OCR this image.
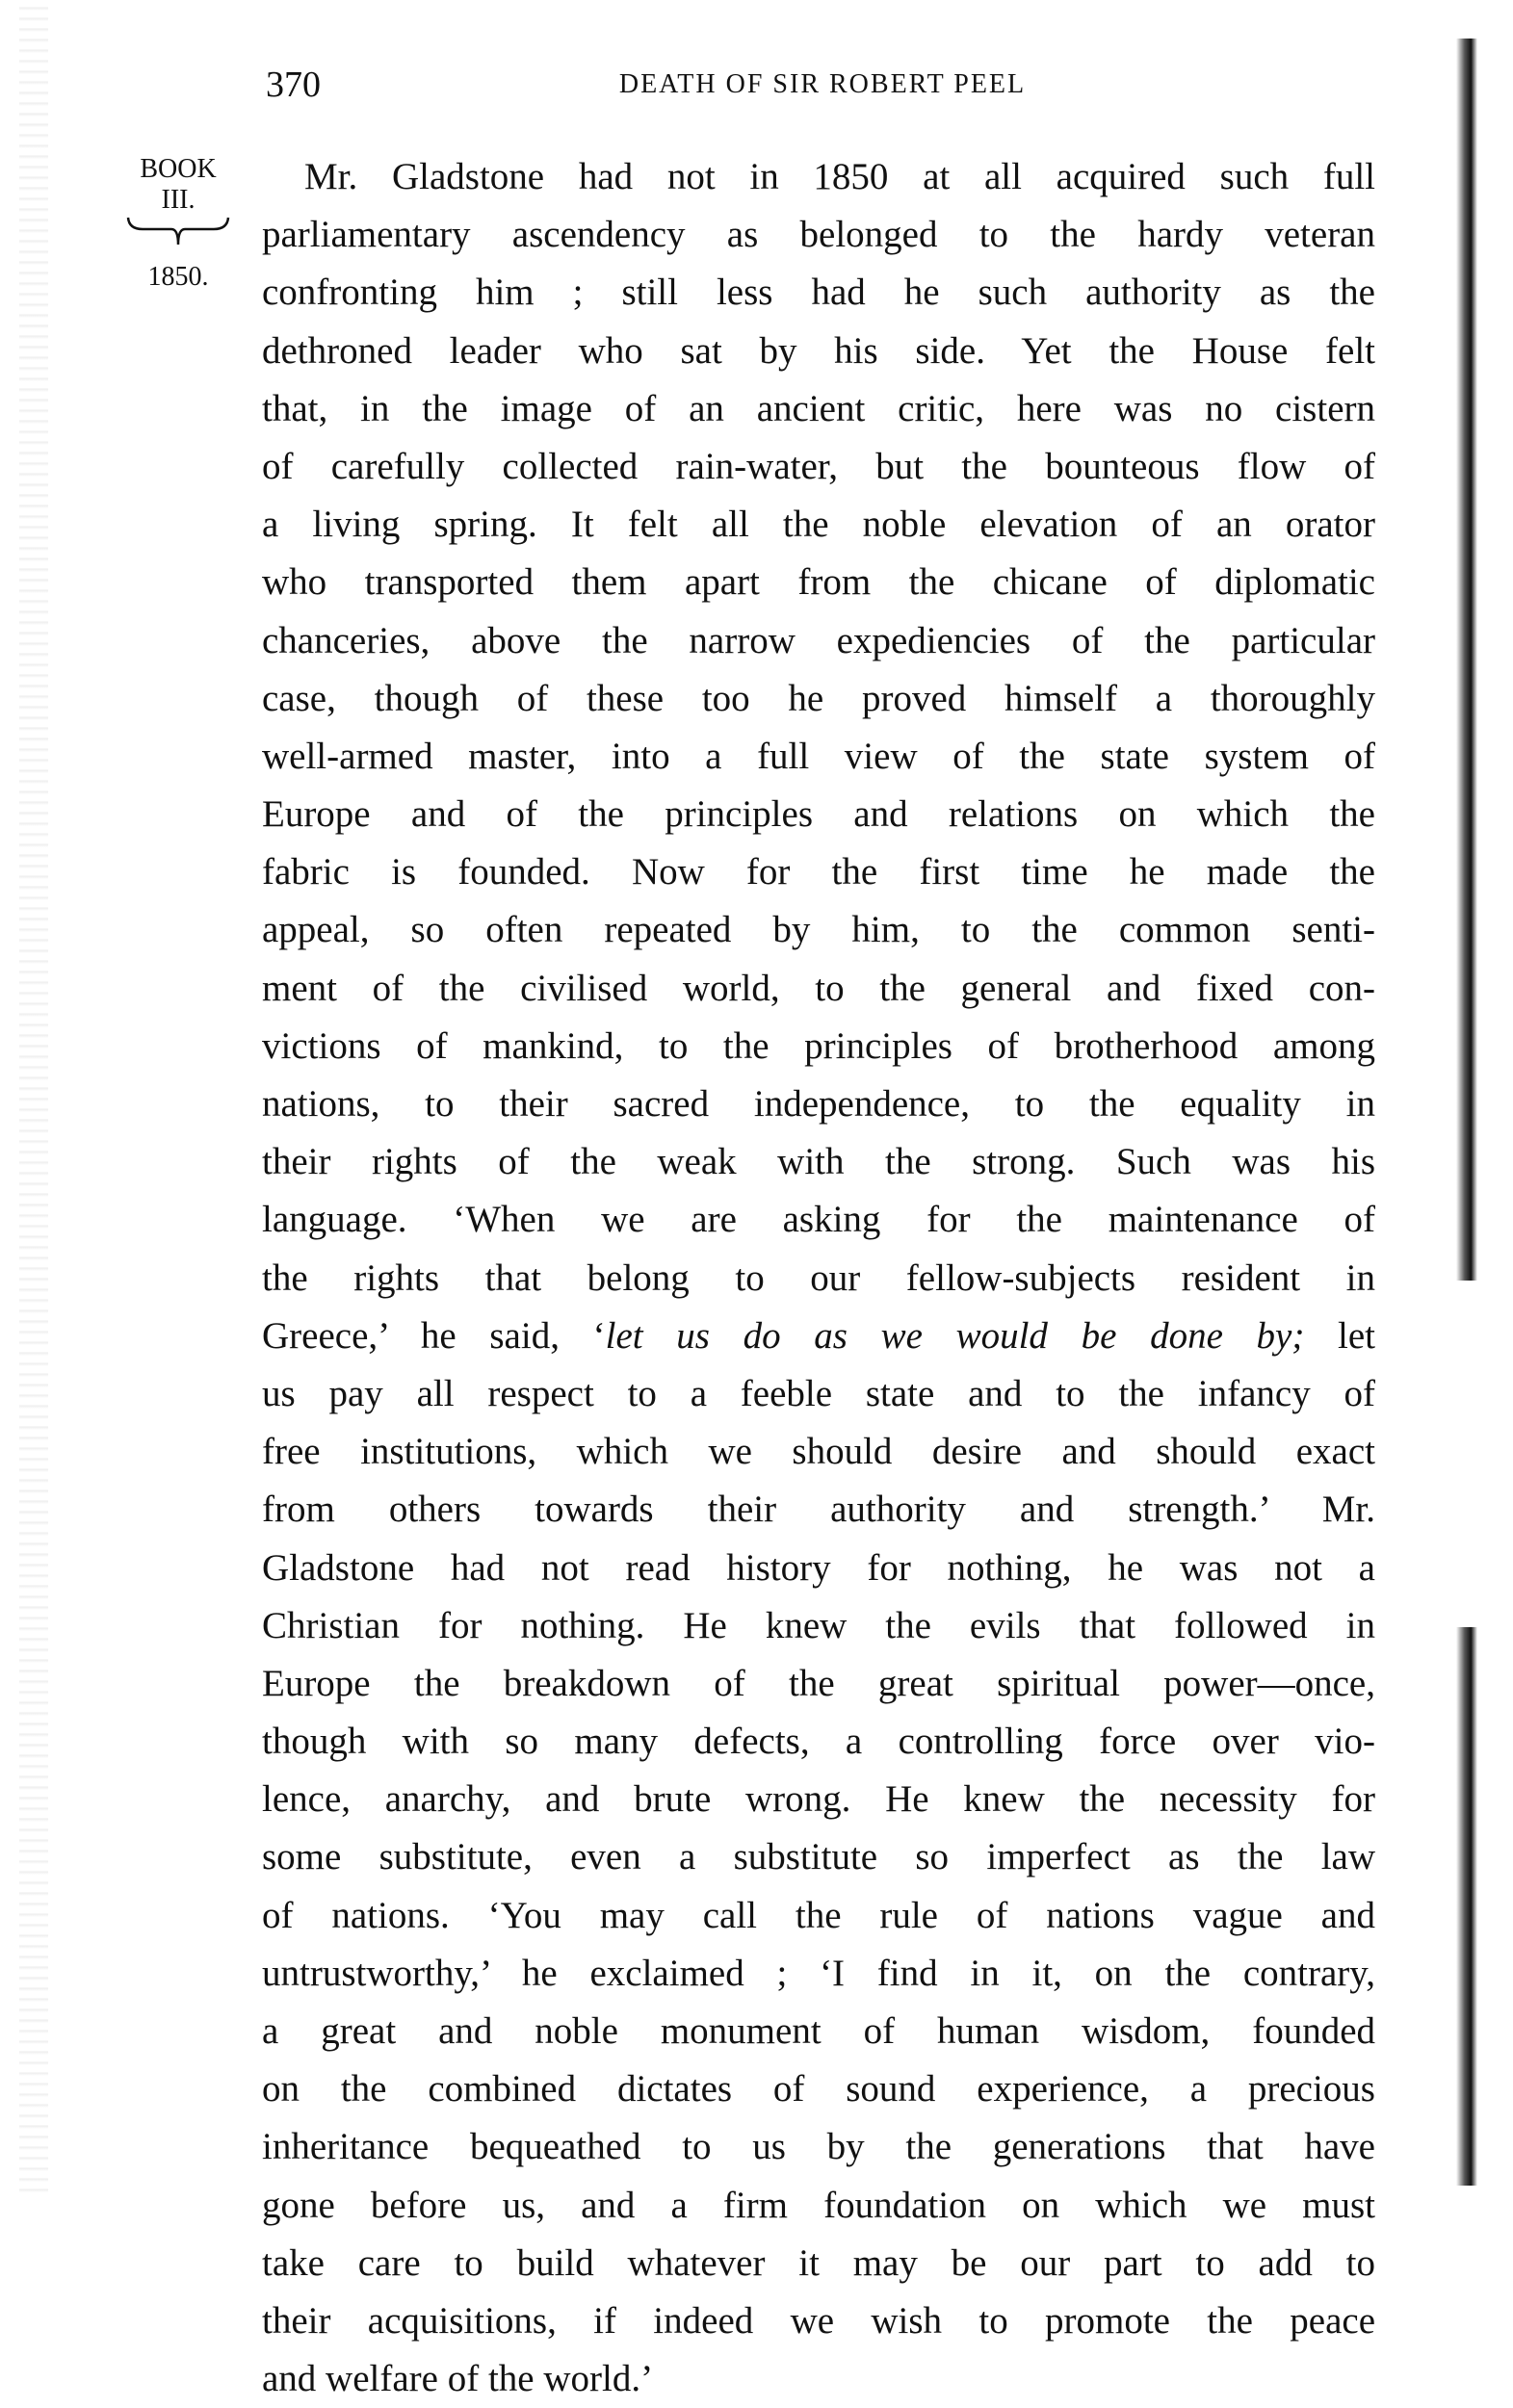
370	DEATH OF SIR ROBERT PEEL
BOOK
III.
1850.
Mr. Gladstone had not in 1850 at all acquired such full
parliamentary ascendency as belonged to the hardy veteran
confronting him ; still less had he such authority as the
dethroned leader who sat by his side. Yet the House felt
that, in the image of an ancient critic, here was no cistern
of carefully collected rain-water, but the bounteous flow of
a living spring. It felt all the noble elevation of an orator
who transported them apart from the chicane of diplomatic
chanceries, above the narrow expediencies of the particular
case, though of these too he proved himself a thoroughly
well-armed master, into a full view of the state system of
Europe and of the principles and relations on which the
fabric is founded. Now for the first time he made the
appeal, so often repeated by him, to the common senti-
ment of the civilised world, to the general and fixed con-
victions of mankind, to the principles of brotherhood among
nations, to their sacred independence, to the equality in
their rights of the weak with the strong. Such was his
language. ‘When we are asking for the maintenance of
the rights that belong to our fellow-subjects resident in
Greece,’ he said, ‘let us do as we would be done by; let
us pay all respect to a feeble state and to the infancy of
free institutions, which we should desire and should exact
from others towards their authority and strength.’ Mr.
Gladstone had not read history for nothing, he was not a
Christian for nothing. He knew the evils that followed in
Europe the breakdown of the great spiritual power—once,
though with so many defects, a controlling force over vio-
lence, anarchy, and brute wrong. He knew the necessity for
some substitute, even a substitute so imperfect as the law
of nations. ‘You may call the rule of nations vague and
untrustworthy,’ he exclaimed ; ‘I find in it, on the contrary,
a great and noble monument of human wisdom, founded
on the combined dictates of sound experience, a precious
inheritance bequeathed to us by the generations that have
gone before us, and a firm foundation on which we must
take care to build whatever it may be our part to add to
their acquisitions, if indeed we wish to promote the peace
and welfare of the world.’
